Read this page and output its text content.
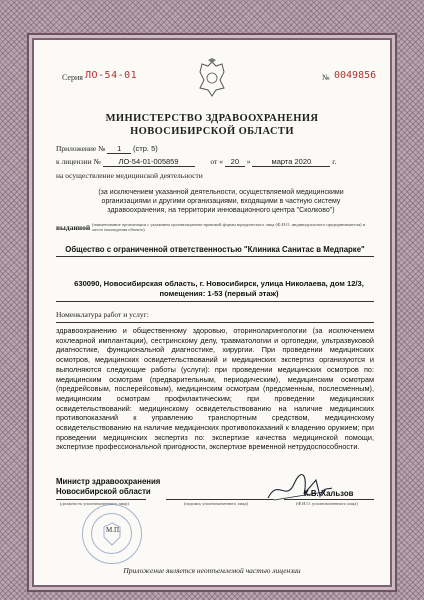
Серия ЛО-54-01	№ 0049856
МИНИСТЕРСТВО ЗДРАВООХРАНЕНИЯ
НОВОСИБИРСКОЙ ОБЛАСТИ
Приложение № 1 (стр. 5)
к лицензии № ЛО-54-01-005859	от « 20 »	марта 2020	г.
на осуществление медицинской деятельности
(за исключением указанной деятельности, осуществляемой медицинскими организациями и другими организациями, входящими в частную систему здравоохранения, на территории инновационного центра "Сколково")
выданной (наименование организации с указанием организационно-правовой формы юридического лица (Ф.И.О. индивидуального предпринимателя) и место нахождения объекта)
Общество с ограниченной ответственностью "Клиника Санитас в Медпарке"
630090, Новосибирская область, г. Новосибирск, улица Николаева, дом 12/3, помещения: 1-53 (первый этаж)
Номенклатура работ и услуг:
здравоохранению и общественному здоровью, оториноларингологии (за исключением кохлеарной имплантации), сестринскому делу, травматологии и ортопедии, ультразвуковой диагностике, функциональной диагностике, хирургии. При проведении медицинских осмотров, медицинских освидетельствований и медицинских экспертиз организуются и выполняются следующие работы (услуги): при проведении медицинских осмотров по: медицинским осмотрам (предварительным, периодическим), медицинским осмотрам (предрейсовым, послерейсовым), медицинским осмотрам (предсменным, послесменным), медицинским осмотрам профилактическим; при проведении медицинских освидетельствований: медицинскому освидетельствованию на наличие медицинских противопоказаний к управлению транспортным средством, медицинскому освидетельствованию на наличие медицинских противопоказаний к владению оружием; при проведении медицинских экспертиз по: экспертизе качества медицинской помощи, экспертизе профессиональной пригодности, экспертизе временной нетрудоспособности.
Министр здравоохранения
Новосибирской области
(должность уполномоченного лица)	(подпись уполномоченного лица)
К.В. Хальзов
(Ф.И.О. уполномоченного лица)
М.П.
Приложение является неотъемлемой частью лицензии
